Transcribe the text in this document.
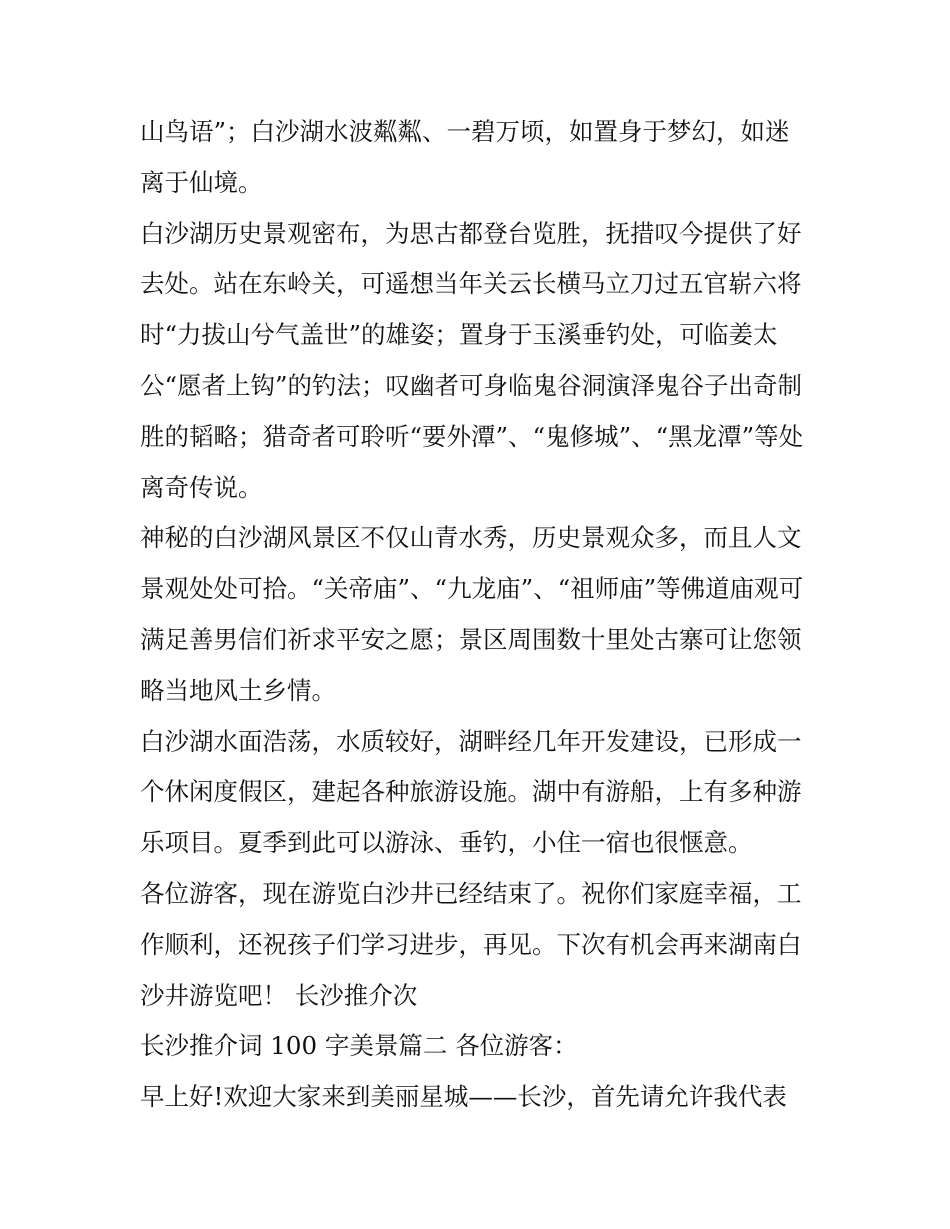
山鸟语”；白沙湖水波粼粼、一碧万顷，如置身于梦幻，如迷

离于仙境。

白沙湖历史景观密布，为思古都登台览胜，抚措叹今提供了好

去处。站在东岭关，可遥想当年关云长横马立刀过五官崭六将

时“力拔山兮气盖世”的雄姿；置身于玉溪垂钓处，可临姜太

公“愿者上钩”的钓法；叹幽者可身临鬼谷洞演泽鬼谷子出奇制

胜的韬略；猎奇者可聆听“要外潭”、“鬼修城”、“黑龙潭”等处

离奇传说。

神秘的白沙湖风景区不仅山青水秀，历史景观众多，而且人文

景观处处可拾。“关帝庙”、“九龙庙”、“祖师庙”等佛道庙观可

满足善男信们祈求平安之愿；景区周围数十里处古寨可让您领

略当地风土乡情。

白沙湖水面浩荡，水质较好，湖畔经几年开发建设，已形成一

个休闲度假区，建起各种旅游设施。湖中有游船，上有多种游

乐项目。夏季到此可以游泳、垂钓，小住一宿也很惬意。

各位游客，现在游览白沙井已经结束了。祝你们家庭幸福，工

作顺利，还祝孩子们学习进步，再见。下次有机会再来湖南白

沙井游览吧！ 长沙推介次

长沙推介词 100 字美景篇二 各位游客：

早上好!欢迎大家来到美丽星城——长沙，首先请允许我代表
